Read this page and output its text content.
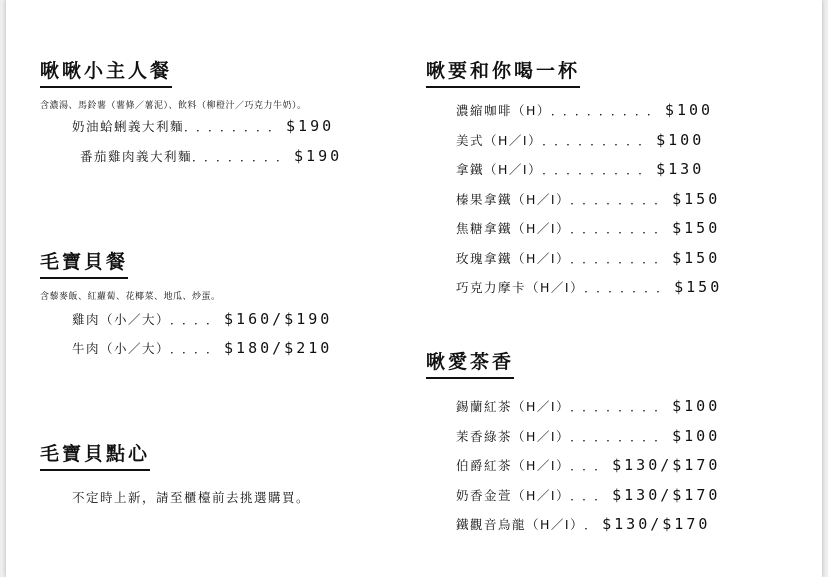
啾啾小主人餐
含濃湯、馬鈴薯（薯條／薯泥）、飲料（柳橙汁／巧克力牛奶）。
奶油蛤蜊義大利麵 ．．．．．．．． $190
番茄雞肉義大利麵 ．．．．．．．． $190
毛寶貝餐
含藜麥飯、紅蘿蔔、花椰菜、地瓜、炒蛋。
雞肉（小／大） ．．．． $160/$190
牛肉（小／大） ．．．． $180/$210
毛寶貝點心
不定時上新，請至櫃檯前去挑選購買。
啾要和你喝一杯
濃縮咖啡（H） ．．．．．．．．． $100
美式（H／I） ．．．．．．．．． $100
拿鐵（H／I） ．．．．．．．．． $130
榛果拿鐵（H／I） ．．．．．．．． $150
焦糖拿鐵（H／I） ．．．．．．．． $150
玫瑰拿鐵（H／I） ．．．．．．．． $150
巧克力摩卡（H／I） ．．．．．．． $150
啾愛茶香
錫蘭紅茶（H／I） ．．．．．．．． $100
茉香綠茶（H／I） ．．．．．．．． $100
伯爵紅茶（H／I） ．．． $130/$170
奶香金萱（H／I） ．．． $130/$170
鐵觀音烏龍（H／I） ． $130/$170
